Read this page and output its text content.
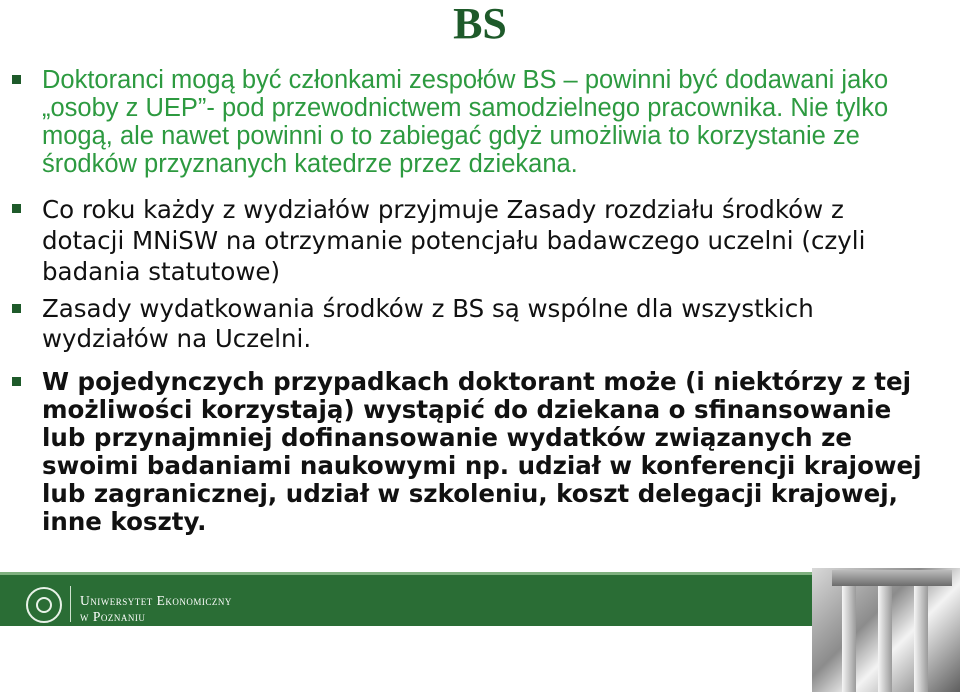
BS
Doktoranci mogą być członkami zespołów BS – powinni być dodawani jako „osoby z UEP”- pod przewodnictwem samodzielnego pracownika. Nie tylko mogą, ale nawet powinni o to zabiegać gdyż umożliwia to korzystanie ze środków przyznanych katedrze przez dziekana.
Co roku każdy z wydziałów przyjmuje Zasady rozdziału środków z dotacji MNiSW na otrzymanie potencjału badawczego uczelni (czyli badania statutowe)
Zasady wydatkowania środków z BS są wspólne dla wszystkich wydziałów na Uczelni.
W pojedynczych przypadkach doktorant może (i niektórzy z tej możliwości korzystają) wystąpić do dziekana o sfinansowanie lub przynajmniej dofinansowanie wydatków związanych ze swoimi badaniami naukowymi np. udział w konferencji krajowej lub zagranicznej, udział w szkoleniu, koszt delegacji krajowej, inne koszty.
Uniwersytet Ekonomiczny
w Poznaniu
